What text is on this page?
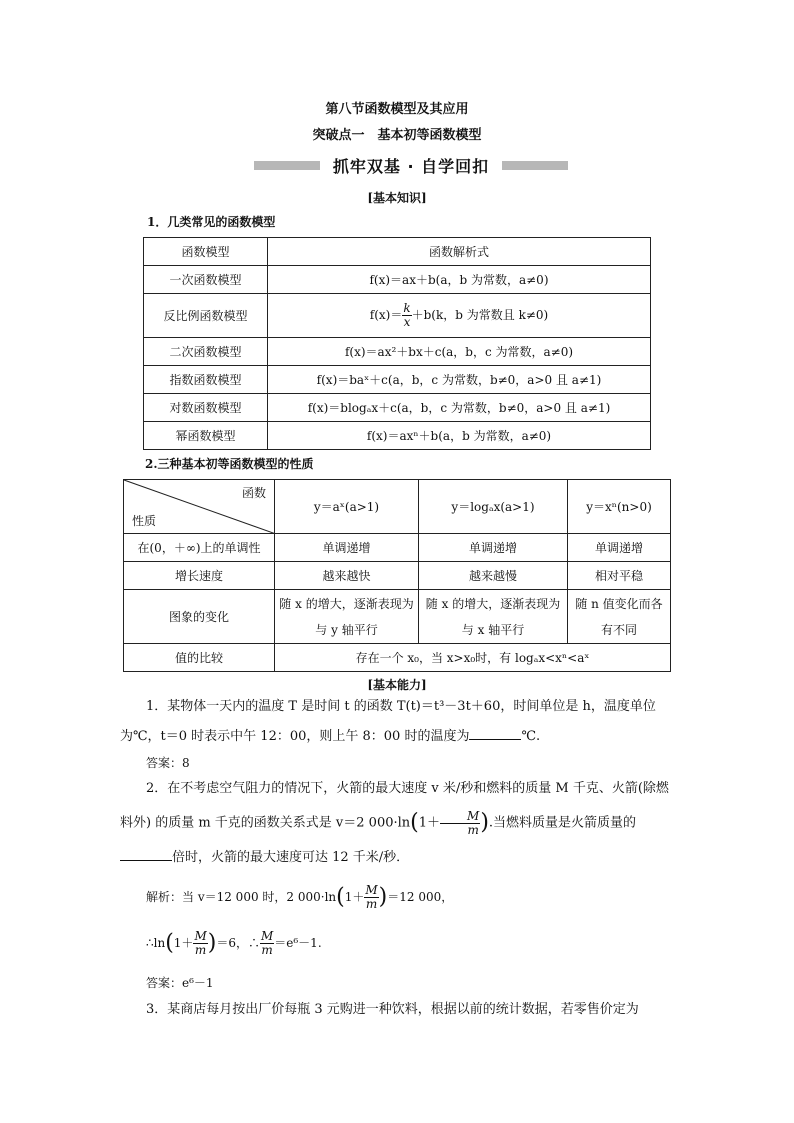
第八节函数模型及其应用
突破点一　基本初等函数模型
抓牢双基 · 自学回扣
[基本知识]
1．几类常见的函数模型
函数模型	函数解析式
一次函数模型	f(x)＝ax＋b(a，b 为常数，a≠0)
反比例函数模型	$f(x)= \frac{k}{x} +b(k$，b 为常数且 k≠0)
二次函数模型	f(x)＝ax²＋bx＋c(a，b，c 为常数，a≠0)
指数函数模型	f(x)＝baˣ＋c(a，b，c 为常数，b≠0，a>0 且 a≠1)
对数函数模型	f(x)＝blogₐx＋c(a，b，c 为常数，b≠0，a>0 且 a≠1)
幂函数模型	f(x)＝axⁿ＋b(a，b 为常数，a≠0)
2.三种基本初等函数模型的性质
函数
性质	y＝aˣ(a>1)	y＝logₐx(a>1)	y＝xⁿ(n>0)
在(0，＋∞)上的单调性	单调递增	单调递增	单调递增
增长速度	越来越快	越来越慢	相对平稳
图象的变化	随 x 的增大，逐渐表现为与 y 轴平行	随 x 的增大，逐渐表现为与 x 轴平行	随 n 值变化而各有不同
值的比较	存在一个 x₀，当 x>x₀时，有 logₐx<xⁿ<aˣ		
[基本能力]
1．某物体一天内的温度 T 是时间 t 的函数 T(t)＝t³－3t＋60，时间单位是 h，温度单位为℃，t＝0 时表示中午 12：00，则上午 8：00 时的温度为	℃.
答案：8
2．在不考虑空气阻力的情况下，火箭的最大速度 v 米/秒和燃料的质量 M 千克、火箭(除燃料外) 的质量 m 千克的函数关系式是 v＝2 $000\cdot\ln(1+ \frac{M}{m}$ ).当燃料质量是火箭质量的倍时，火箭的最大速度可达 12 千米/秒．
解析：当 v＝12 000 时，2 $000\cdot\ln(1+ \frac{M}{m} )=12$ 000，
∴ln(1＋ $\frac{M}{m} )=6$，∴ $\frac{M}{m} =e^6-1$.
答案：e⁶－1
3．某商店每月按出厂价每瓶 3 元购进一种饮料，根据以前的统计数据，若零售价定为
